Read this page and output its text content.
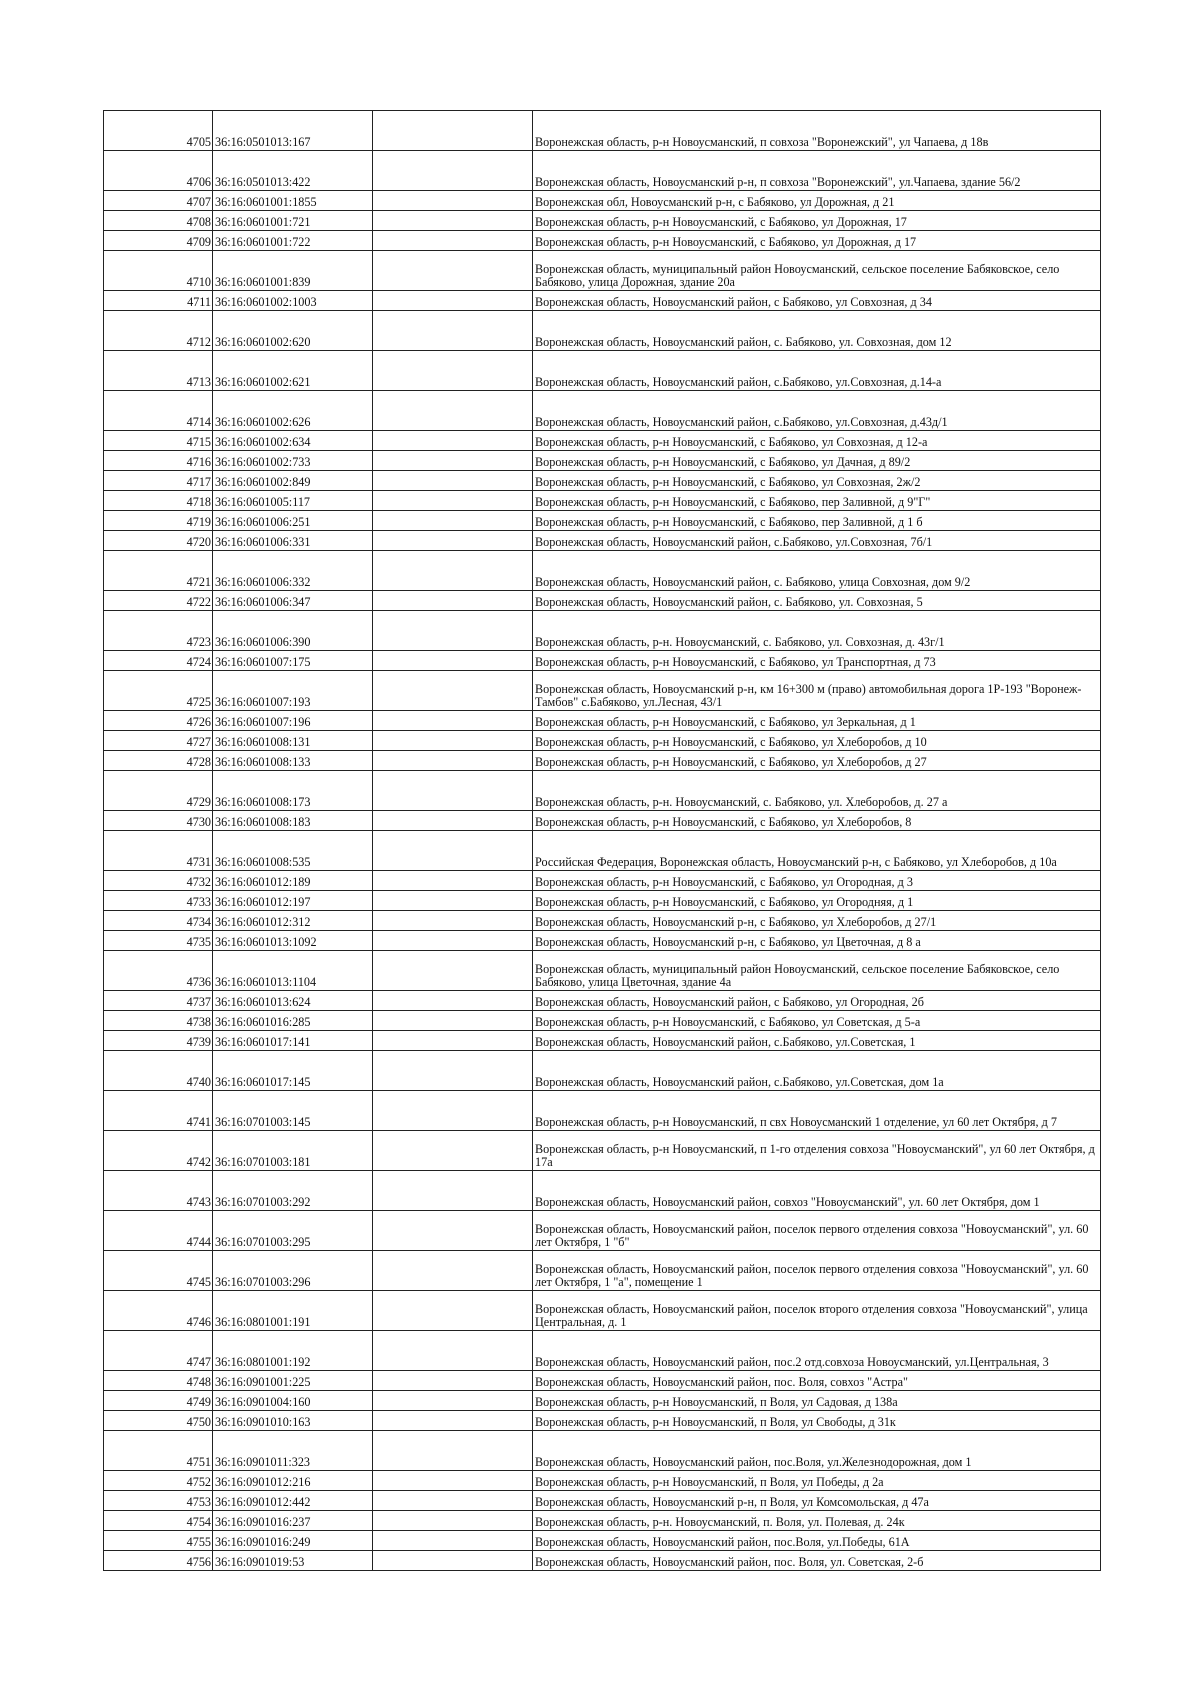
4705	36:16:0501013:167		Воронежская область, р-н Новоусманский, п совхоза "Воронежский", ул Чапаева, д 18в
4706	36:16:0501013:422		Воронежская область, Новоусманский р-н, п совхоза "Воронежский", ул.Чапаева, здание 56/2
4707	36:16:0601001:1855		Воронежская обл, Новоусманский р-н, с Бабяково, ул Дорожная, д 21
4708	36:16:0601001:721		Воронежская область, р-н Новоусманский, с Бабяково, ул Дорожная, 17
4709	36:16:0601001:722		Воронежская область, р-н Новоусманский, с Бабяково, ул Дорожная, д 17
4710	36:16:0601001:839		Воронежская область, муниципальный район Новоусманский, сельское поселение Бабяковское, село Бабяково, улица Дорожная, здание 20а
4711	36:16:0601002:1003		Воронежская область, Новоусманский район, с Бабяково, ул Совхозная, д 34
4712	36:16:0601002:620		Воронежская область, Новоусманский район, с. Бабяково, ул. Совхозная, дом 12
4713	36:16:0601002:621		Воронежская область, Новоусманский район, с.Бабяково, ул.Совхозная, д.14-а
4714	36:16:0601002:626		Воронежская область, Новоусманский район, с.Бабяково, ул.Совхозная, д.43д/1
4715	36:16:0601002:634		Воронежская область, р-н Новоусманский, с Бабяково, ул Совхозная, д 12-а
4716	36:16:0601002:733		Воронежская область, р-н Новоусманский, с Бабяково, ул Дачная, д 89/2
4717	36:16:0601002:849		Воронежская область, р-н Новоусманский, с Бабяково, ул Совхозная, 2ж/2
4718	36:16:0601005:117		Воронежская область, р-н Новоусманский, с Бабяково, пер Заливной, д 9"Г"
4719	36:16:0601006:251		Воронежская область, р-н Новоусманский, с Бабяково, пер Заливной, д 1 б
4720	36:16:0601006:331		Воронежская область, Новоусманский район, с.Бабяково, ул.Совхозная, 7б/1
4721	36:16:0601006:332		Воронежская область, Новоусманский район, с. Бабяково, улица Совхозная, дом 9/2
4722	36:16:0601006:347		Воронежская область, Новоусманский район, с. Бабяково, ул. Совхозная, 5
4723	36:16:0601006:390		Воронежская область, р-н. Новоусманский, с. Бабяково, ул. Совхозная, д. 43г/1
4724	36:16:0601007:175		Воронежская область, р-н Новоусманский, с Бабяково, ул Транспортная, д 73
4725	36:16:0601007:193		Воронежская область, Новоусманский р-н, км 16+300 м (право) автомобильная дорога 1Р-193 "Воронеж-Тамбов" с.Бабяково, ул.Лесная, 43/1
4726	36:16:0601007:196		Воронежская область, р-н Новоусманский, с Бабяково, ул Зеркальная, д 1
4727	36:16:0601008:131		Воронежская область, р-н Новоусманский, с Бабяково, ул Хлеборобов, д 10
4728	36:16:0601008:133		Воронежская область, р-н Новоусманский, с Бабяково, ул Хлеборобов, д 27
4729	36:16:0601008:173		Воронежская область, р-н. Новоусманский, с. Бабяково, ул. Хлеборобов, д. 27 а
4730	36:16:0601008:183		Воронежская область, р-н Новоусманский, с Бабяково, ул Хлеборобов, 8
4731	36:16:0601008:535		Российская Федерация, Воронежская область, Новоусманский р-н, с Бабяково, ул Хлеборобов, д 10а
4732	36:16:0601012:189		Воронежская область, р-н Новоусманский, с Бабяково, ул Огородная, д 3
4733	36:16:0601012:197		Воронежская область, р-н Новоусманский, с Бабяково, ул Огородняя, д 1
4734	36:16:0601012:312		Воронежская область, Новоусманский р-н, с Бабяково, ул Хлеборобов, д 27/1
4735	36:16:0601013:1092		Воронежская область, Новоусманский р-н, с Бабяково, ул Цветочная, д 8 а
4736	36:16:0601013:1104		Воронежская область, муниципальный район Новоусманский, сельское поселение Бабяковское, село Бабяково, улица Цветочная, здание 4а
4737	36:16:0601013:624		Воронежская область, Новоусманский район, с Бабяково, ул Огородная, 2б
4738	36:16:0601016:285		Воронежская область, р-н Новоусманский, с Бабяково, ул Советская, д 5-а
4739	36:16:0601017:141		Воронежская область, Новоусманский район, с.Бабяково, ул.Советская, 1
4740	36:16:0601017:145		Воронежская область, Новоусманский район, с.Бабяково, ул.Советская, дом 1а
4741	36:16:0701003:145		Воронежская область, р-н Новоусманский, п свх Новоусманский 1 отделение, ул 60 лет Октября, д 7
4742	36:16:0701003:181		Воронежская область, р-н Новоусманский, п 1-го отделения совхоза "Новоусманский", ул 60 лет Октября, д 17а
4743	36:16:0701003:292		Воронежская область, Новоусманский район, совхоз "Новоусманский", ул. 60 лет Октября, дом 1
4744	36:16:0701003:295		Воронежская область, Новоусманский район, поселок первого отделения совхоза "Новоусманский", ул. 60 лет Октября, 1 "б"
4745	36:16:0701003:296		Воронежская область, Новоусманский район, поселок первого отделения совхоза "Новоусманский", ул. 60 лет Октября, 1 "а", помещение 1
4746	36:16:0801001:191		Воронежская область, Новоусманский район, поселок второго отделения совхоза "Новоусманский", улица Центральная, д. 1
4747	36:16:0801001:192		Воронежская область, Новоусманский район, пос.2 отд.совхоза Новоусманский, ул.Центральная, 3
4748	36:16:0901001:225		Воронежская область, Новоусманский район, пос. Воля, совхоз "Астра"
4749	36:16:0901004:160		Воронежская область, р-н Новоусманский, п Воля, ул Садовая, д 138а
4750	36:16:0901010:163		Воронежская область, р-н Новоусманский, п Воля, ул Свободы, д 31к
4751	36:16:0901011:323		Воронежская область, Новоусманский район, пос.Воля, ул.Железнодорожная, дом 1
4752	36:16:0901012:216		Воронежская область, р-н Новоусманский, п Воля, ул Победы, д 2а
4753	36:16:0901012:442		Воронежская область, Новоусманский р-н, п Воля, ул Комсомольская, д 47а
4754	36:16:0901016:237		Воронежская область, р-н. Новоусманский, п. Воля, ул. Полевая, д. 24к
4755	36:16:0901016:249		Воронежская область, Новоусманский район, пос.Воля, ул.Победы, 61А
4756	36:16:0901019:53		Воронежская область, Новоусманский район, пос. Воля, ул. Советская, 2-б
